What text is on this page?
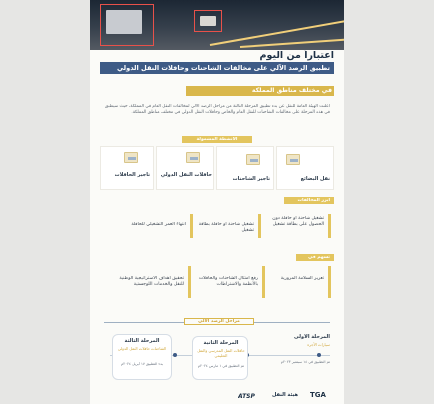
اعتباراً من اليوم
تطبيق الرصد الآلي على مخالفات الشاحنات وحافلات النقل الدولي
في مختلف مناطق المملكة
أعلنت الهيئة العامة للنقل عن بدء تطبيق المرحلة الثالثة من مراحل الرصد الآلي لمخالفات النقل العام في المملكة، حيث سيطبق في هذه المرحلة على مخالفات الشاحنات للنقل العام والخاص وحافلات النقل الدولي في مختلف مناطق المملكة.
الأنشطة المشمولة
نقل البضائع
تأجير الشاحنات
حافلات النقل الدولي
تأجير الحافلات
أبرز المخالفات
تشغيل شاحنة أو حافلة دون الحصول على بطاقة تشغيل
تشغيل شاحنة أو حافلة بطاقة تشغيل
انتهاء العمر التشغيلي للحافلة
تسهم في
تعزيز السلامة المرورية
رفع امتثال الشاحنات والحافلات بالأنظمة والاشتراطات
تحقيق أهداف الاستراتيجية الوطنية للنقل والخدمات اللوجستية
مراحل الرصد الآلي
المرحلة الأولى
سيارات الأجرة
تم التطبيق في ١٤ سبتمبر ٢٠٢٣م
المرحلة الثانية
حافلات النقل المدرسي والنقل التعليمي
تم التطبيق في ١ مارس ٢٠٢٤م
المرحلة الثالثة
الشاحنات حافلات النقل الدولي
بدء التطبيق ١٧ أبريل ٢٠٢٤م
ATSP	هيئة النقل TGA
